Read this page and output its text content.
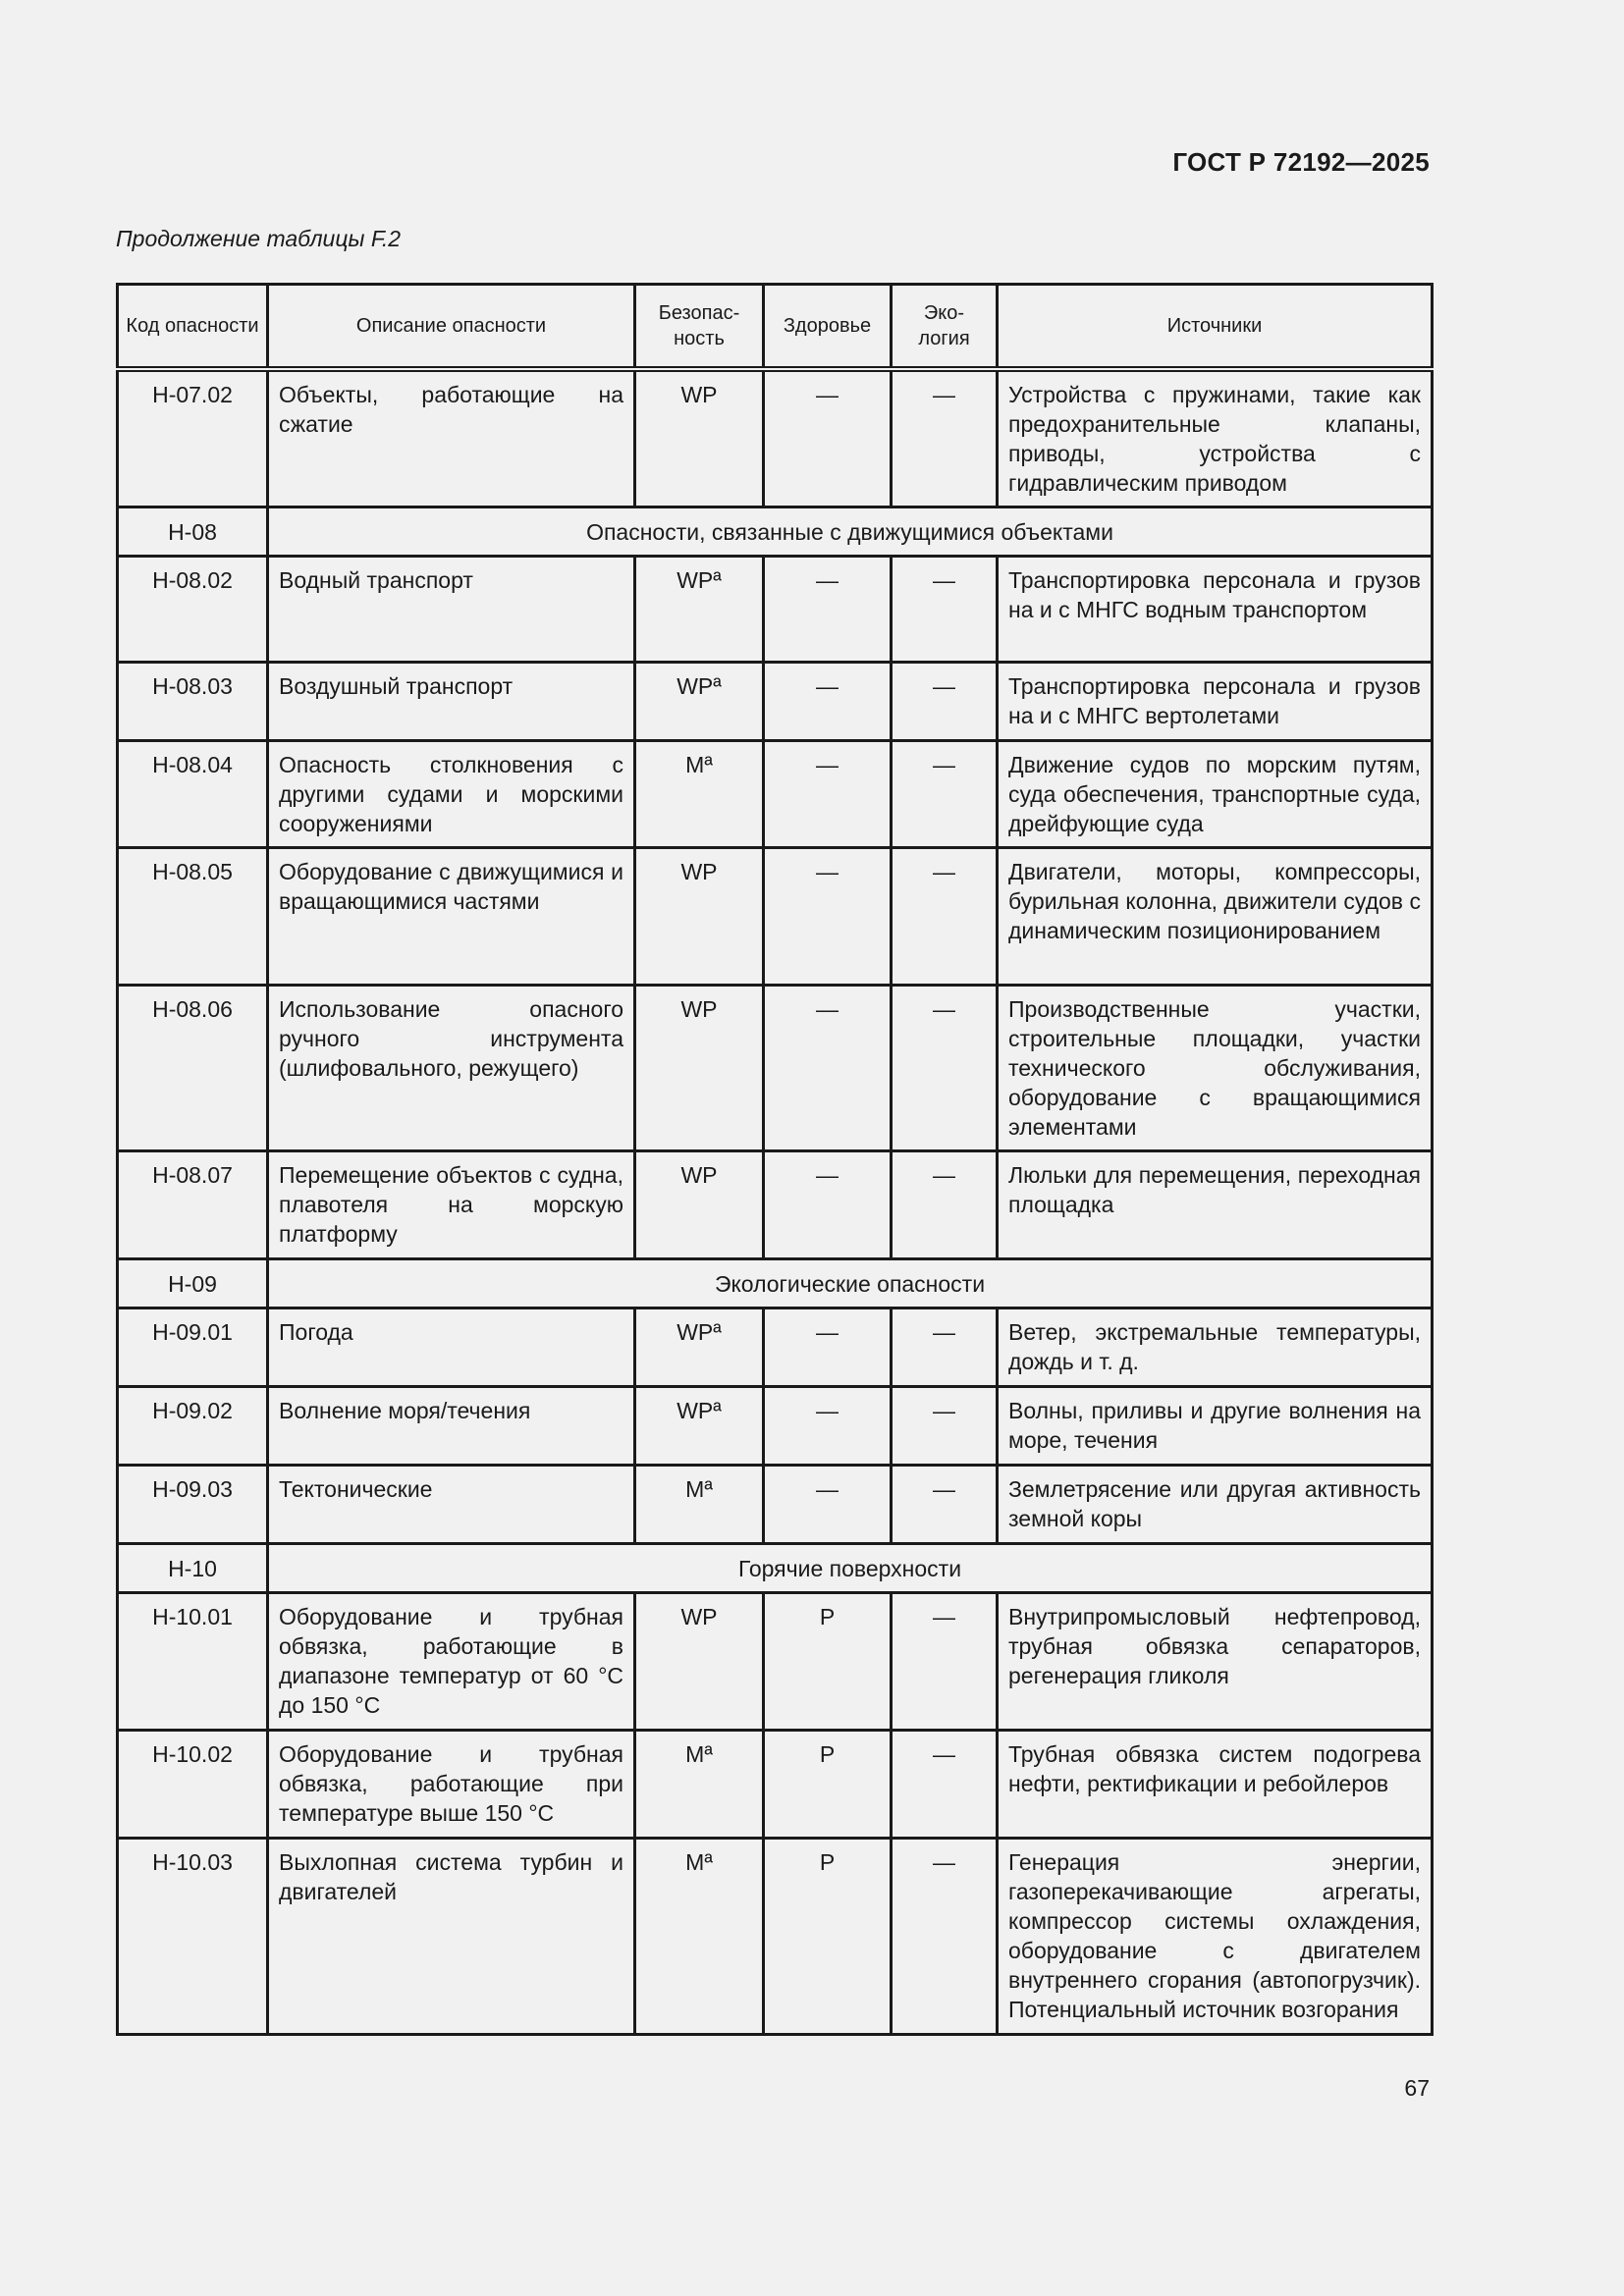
ГОСТ Р 72192—2025
Продолжение таблицы F.2
Код опасности	Описание опасности	Безопас-ность	Здоровье	Эко-логия	Источники
H-07.02	Объекты, работающие на сжатие	WP	—	—	Устройства с пружинами, такие как предохранительные клапаны, приводы, устройства с гидравлическим приводом
H-08	Опасности, связанные с движущимися объектами				
H-08.02	Водный транспорт	WPª	—	—	Транспортировка персонала и грузов на и с МНГС водным транспортом
H-08.03	Воздушный транспорт	WPª	—	—	Транспортировка персонала и грузов на и с МНГС вертолетами
H-08.04	Опасность столкновения с другими судами и морскими сооружениями	Mª	—	—	Движение судов по морским путям, суда обеспечения, транспортные суда, дрейфующие суда
H-08.05	Оборудование с движущимися и вращающимися частями	WP	—	—	Двигатели, моторы, компрессоры, бурильная колонна, движители судов с динамическим позиционированием
H-08.06	Использование опасного ручного инструмента (шлифовального, режущего)	WP	—	—	Производственные участки, строительные площадки, участки технического обслуживания, оборудование с вращающимися элементами
H-08.07	Перемещение объектов с судна, плавотеля на морскую платформу	WP	—	—	Люльки для перемещения, переходная площадка
H-09	Экологические опасности				
H-09.01	Погода	WPª	—	—	Ветер, экстремальные температуры, дождь и т. д.
H-09.02	Волнение моря/течения	WPª	—	—	Волны, приливы и другие волнения на море, течения
H-09.03	Тектонические	Mª	—	—	Землетрясение или другая активность земной коры
H-10	Горячие поверхности				
H-10.01	Оборудование и трубная обвязка, работающие в диапазоне температур от 60 °С до 150 °С	WP	P	—	Внутрипромысловый нефтепровод, трубная обвязка сепараторов, регенерация гликоля
H-10.02	Оборудование и трубная обвязка, работающие при температуре выше 150 °С	Mª	P	—	Трубная обвязка систем подогрева нефти, ректификации и ребойлеров
H-10.03	Выхлопная система турбин и двигателей	Mª	P	—	Генерация энергии, газоперекачивающие агрегаты, компрессор системы охлаждения, оборудование с двигателем внутреннего сгорания (автопогрузчик). Потенциальный источник возгорания
67
